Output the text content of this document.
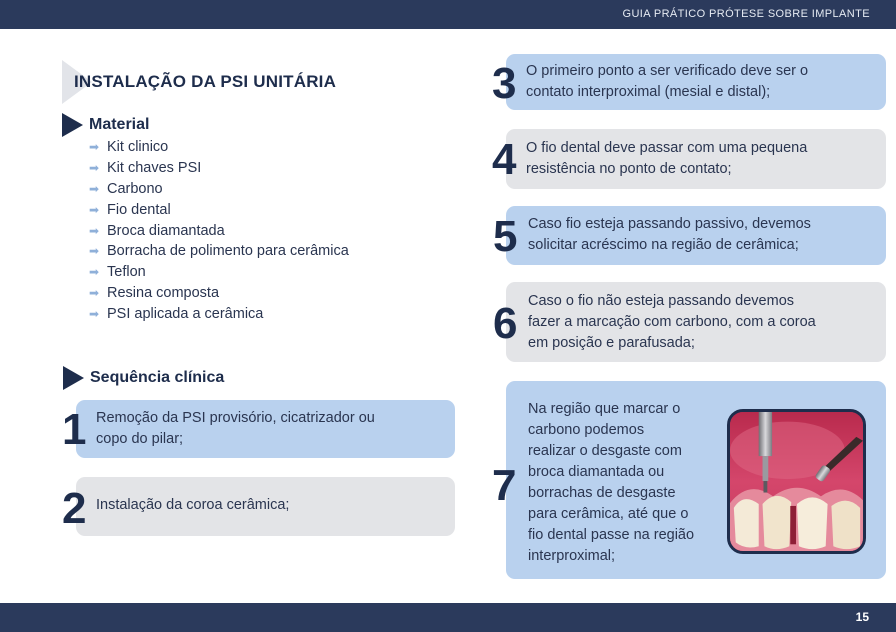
GUIA PRÁTICO PRÓTESE SOBRE IMPLANTE
INSTALAÇÃO DA PSI UNITÁRIA
Material
➡ Kit clinico
➡ Kit chaves PSI
➡ Carbono
➡ Fio dental
➡ Broca diamantada
➡ Borracha de polimento para cerâmica
➡ Teflon
➡ Resina composta
➡ PSI aplicada a cerâmica
Sequência clínica
Remoção da PSI provisório, cicatrizador ou
copo do pilar;
1
Instalação da coroa cerâmica;
2
O primeiro ponto a ser verificado deve ser o
contato interproximal (mesial e distal);
3
O fio dental deve passar com uma pequena
resistência no ponto de contato;
4
Caso fio esteja passando passivo, devemos
solicitar acréscimo na região de cerâmica;
5
Caso o fio não esteja passando devemos
fazer a marcação com carbono, com a coroa
em posição e parafusada;
6
Na região que marcar o
carbono podemos
realizar o desgaste com
broca diamantada ou
borrachas de desgaste
para cerâmica, até que o
fio dental passe na região
interproximal;
7
15
